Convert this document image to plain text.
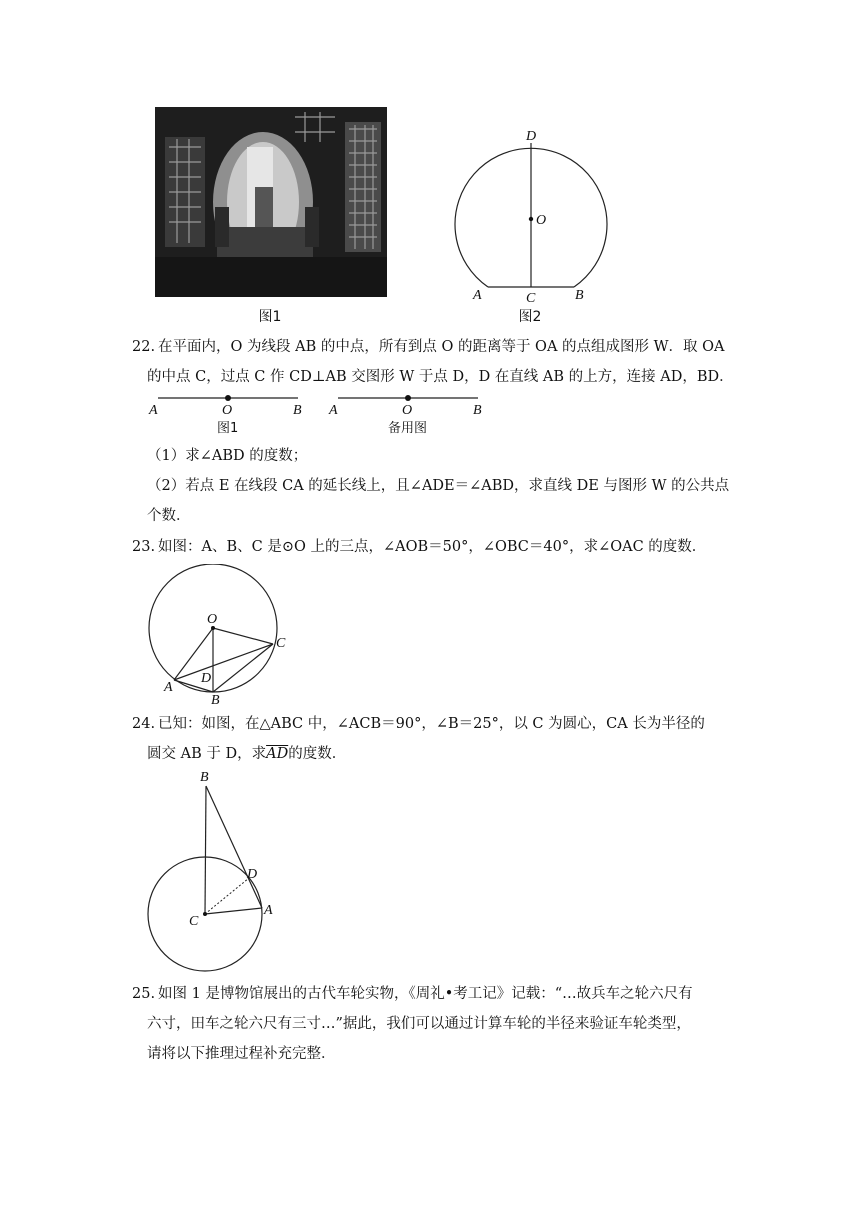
图1
D
O
A	C	B
图2
22. 在平面内，O 为线段 AB 的中点，所有到点 O 的距离等于 OA 的点组成图形 W．取 OA
的中点 C，过点 C 作 CD⊥AB 交图形 W 于点 D，D 在直线 AB 的上方，连接 AD，BD．
A	O	B
图1
A	O	B
备用图
（1）求∠ABD 的度数；
（2）若点 E 在线段 CA 的延长线上，且∠ADE＝∠ABD，求直线 DE 与图形 W 的公共点
个数．
23. 如图：A、B、C 是⊙O 上的三点，∠AOB＝50°，∠OBC＝40°，求∠OAC 的度数．
O
C
A
D
B
24. 已知：如图，在△ABC 中，∠ACB＝90°，∠B＝25°，以 C 为圆心，CA 长为半径的
圆交 AB 于 D，求$\overline{AD}$的度数．
B
D
C
A
25. 如图 1 是博物馆展出的古代车轮实物，《周礼•考工记》记载：“…故兵车之轮六尺有
六寸，田车之轮六尺有三寸…”据此，我们可以通过计算车轮的半径来验证车轮类型，
请将以下推理过程补充完整．
